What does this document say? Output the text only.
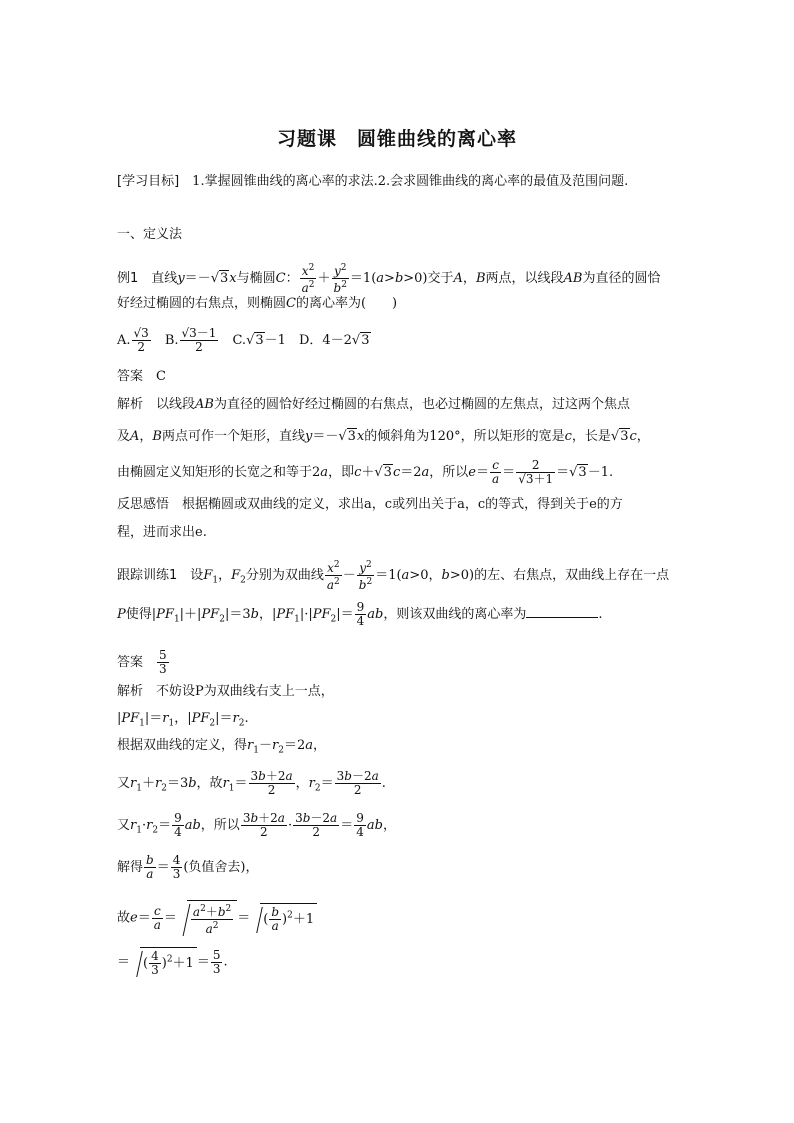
习题课　圆锥曲线的离心率
[学习目标]　 1.掌握圆锥曲线的离心率的求法.2.会求圆锥曲线的离心率的最值及范围问题.
一、定义法
例1　 直线y＝－√3x与椭圆C： $\frac{x^2}{a^2} + \frac{y^2}{b^2} =1(a>b>0)$交于A，B两点，以线段AB为直径的圆恰
好经过椭圆的右焦点，则椭圆C的离心率为(　　)
A. $\frac{√3}{2}$
　 B. $\frac{√3-1}{2}$
　 C.√3－1　D．4－2√3
答案　 C
解析　 以线段AB为直径的圆恰好经过椭圆的右焦点，也必过椭圆的左焦点，过这两个焦点
及A，B两点可作一个矩形，直线y＝－√3x的倾斜角为120°，所以矩形的宽是c，长是√3c，
由椭圆定义知矩形的长宽之和等于2a，即c＋√3c＝2a，所以$e= \frac{c}{a} = \frac{2}{√3+1} =√3-1$.
反思感悟　 根据椭圆或双曲线的定义，求出a，c或列出关于a，c的等式，得到关于e的方
程，进而求出e.
跟踪训练1　 设$F_1$，$F_2$分别为双曲线 $\frac{x^2}{a^2} - \frac{y^2}{b^2} =1(a>0$，b>0)的左、右焦点，双曲线上存在一点
P使得$|PF_1|+|PF_2|=3b$，$|PF_1|\cdot|PF_2|= \frac{9}{4}$ ab，则该双曲线的离心率为	.
答案　 $\frac{5}{3}$
解析　 不妨设P为双曲线右支上一点，
$|PF_1|=r_1$，$|PF_2|=r_2$.
根据双曲线的定义，得$r_1-r_2=2a$，
又$r_1+r_2=3b$，故$r_1= \frac{3b+2a}{2}$ ，$r_2= \frac{3b-2a}{2}$ .
又$r_1\cdot r_2= \frac{9}{4}$ ab，所以 $\frac{3b+2a}{2} \cdot \frac{3b-2a}{2} = \frac{9}{4}$ ab，
解得 $\frac{b}{a} = \frac{4}{3}$ (负值舍去)，
故$e= \frac{c}{a} = \frac{a^2+b^2}{a^2}$ ＝ ( $\frac{b}{a} )^2+1$
＝ ( $\frac{4}{3} )^2+1 = \frac{5}{3}$ .
